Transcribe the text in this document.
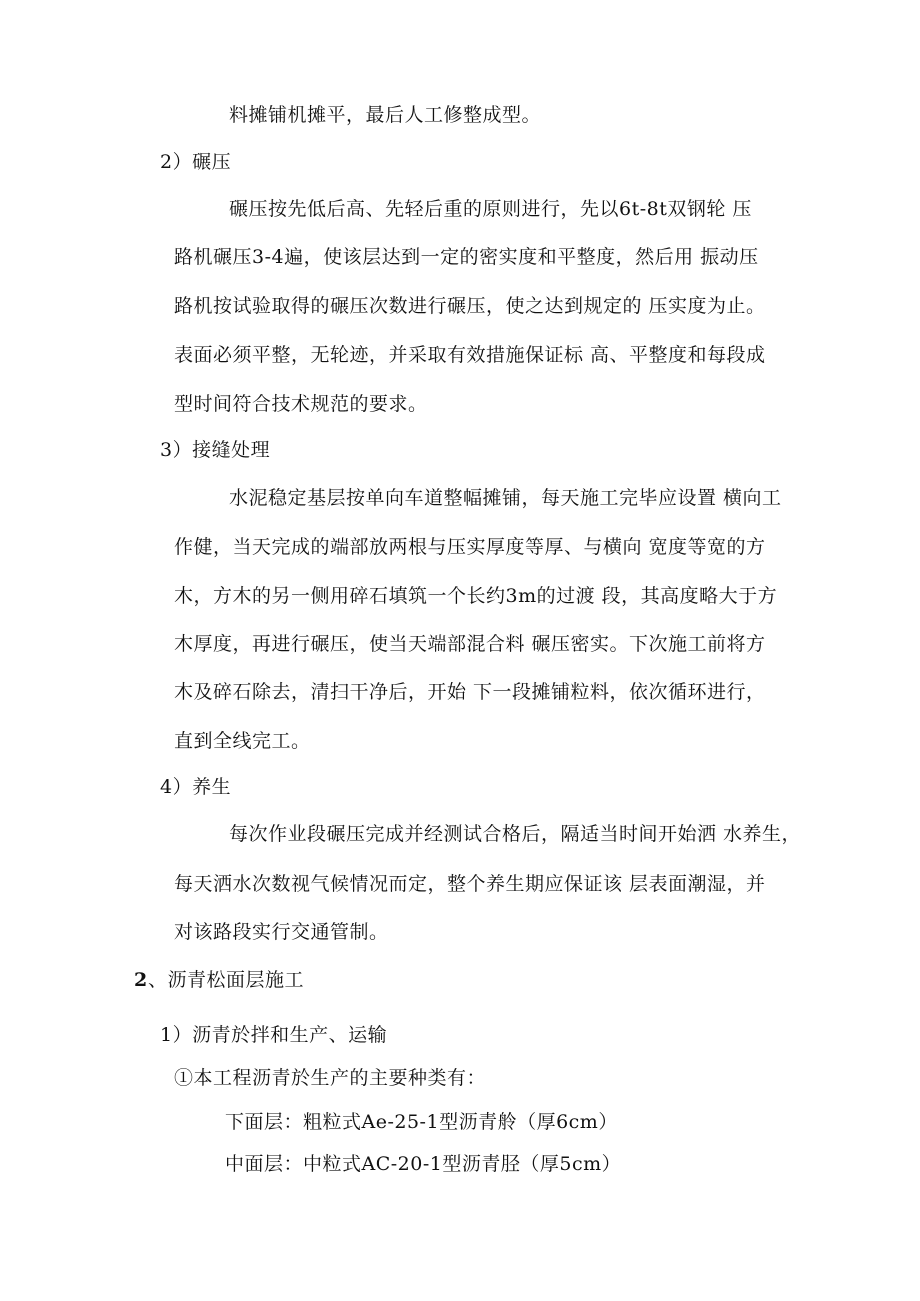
料摊铺机摊平，最后人工修整成型。
2）碾压
碾压按先低后高、先轻后重的原则进行，先以6t-8t双钢轮 压
路机碾压3-4遍，使该层达到一定的密实度和平整度，然后用 振动压
路机按试验取得的碾压次数进行碾压，使之达到规定的 压实度为止。
表面必须平整，无轮迹，并采取有效措施保证标 高、平整度和每段成
型时间符合技术规范的要求。
3）接缝处理
水泥稳定基层按单向车道整幅摊铺，每天施工完毕应设置 横向工
作健，当天完成的端部放两根与压实厚度等厚、与横向 宽度等宽的方
木，方木的另一侧用碎石填筑一个长约3m的过渡 段，其高度略大于方
木厚度，再进行碾压，使当天端部混合料 碾压密实。下次施工前将方
木及碎石除去，清扫干净后，开始 下一段摊铺粒料，依次循环进行，
直到全线完工。
4）养生
每次作业段碾压完成并经测试合格后，隔适当时间开始洒 水养生，
每天洒水次数视气候情况而定，整个养生期应保证该 层表面潮湿，并
对该路段实行交通管制。
2 、沥青松面层施工
1）沥青於拌和生产、运输
①本工程沥青於生产的主要种类有：
下面层：粗粒式Ae-25-1型沥青舲（厚6cm）
中面层：中粒式AC-20-1型沥青胫（厚5cm）
